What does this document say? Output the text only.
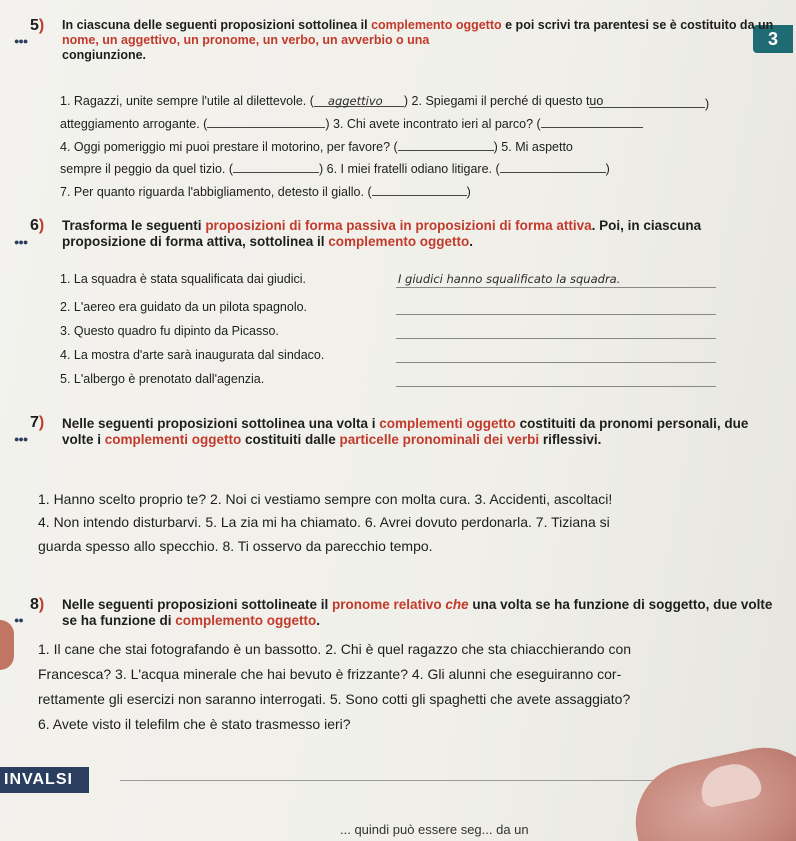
3
5)
●●●
In ciascuna delle seguenti proposizioni sottolinea il complemento oggetto e poi scrivi tra parentesi se è costituito da un nome, un aggettivo, un pronome, un verbo, un avverbio o una
congiunzione.
1. Ragazzi, unite sempre l'utile al dilettevole. ( aggettivo ) 2. Spiegami il perché di questo tuo	)
atteggiamento arrogante. (	) 3. Chi avete incontrato ieri al parco? (
4. Oggi pomeriggio mi puoi prestare il motorino, per favore? (	) 5. Mi aspetto
sempre il peggio da quel tizio. (	) 6. I miei fratelli odiano litigare. (	)
7. Per quanto riguarda l'abbigliamento, detesto il giallo. (	)
6)
●●●
Trasforma le seguenti proposizioni di forma passiva in proposizioni di forma attiva. Poi, in ciascuna proposizione di forma attiva, sottolinea il complemento oggetto.
1. La squadra è stata squalificata dai giudici.	I giudici hanno squalificato la squadra.
2. L'aereo era guidato da un pilota spagnolo.
3. Questo quadro fu dipinto da Picasso.
4. La mostra d'arte sarà inaugurata dal sindaco.
5. L'albergo è prenotato dall'agenzia.
7)
●●●
Nelle seguenti proposizioni sottolinea una volta i complementi oggetto costituiti da pronomi personali, due volte i complementi oggetto costituiti dalle particelle pronominali dei verbi riflessivi.
1. Hanno scelto proprio te? 2. Noi ci vestiamo sempre con molta cura. 3. Accidenti, ascoltaci!
4. Non intendo disturbarvi. 5. La zia mi ha chiamato. 6. Avrei dovuto perdonarla. 7. Tiziana si
guarda spesso allo specchio. 8. Ti osservo da parecchio tempo.
8)
●●
Nelle seguenti proposizioni sottolineate il pronome relativo che una volta se ha funzione di soggetto, due volte se ha funzione di complemento oggetto.
1. Il cane che stai fotografando è un bassotto. 2. Chi è quel ragazzo che sta chiacchierando con
Francesca? 3. L'acqua minerale che hai bevuto è frizzante? 4. Gli alunni che eseguiranno cor-
rettamente gli esercizi non saranno interrogati. 5. Sono cotti gli spaghetti che avete assaggiato?
6. Avete visto il telefilm che è stato trasmesso ieri?
INVALSI
... quindi può essere seg... da un
